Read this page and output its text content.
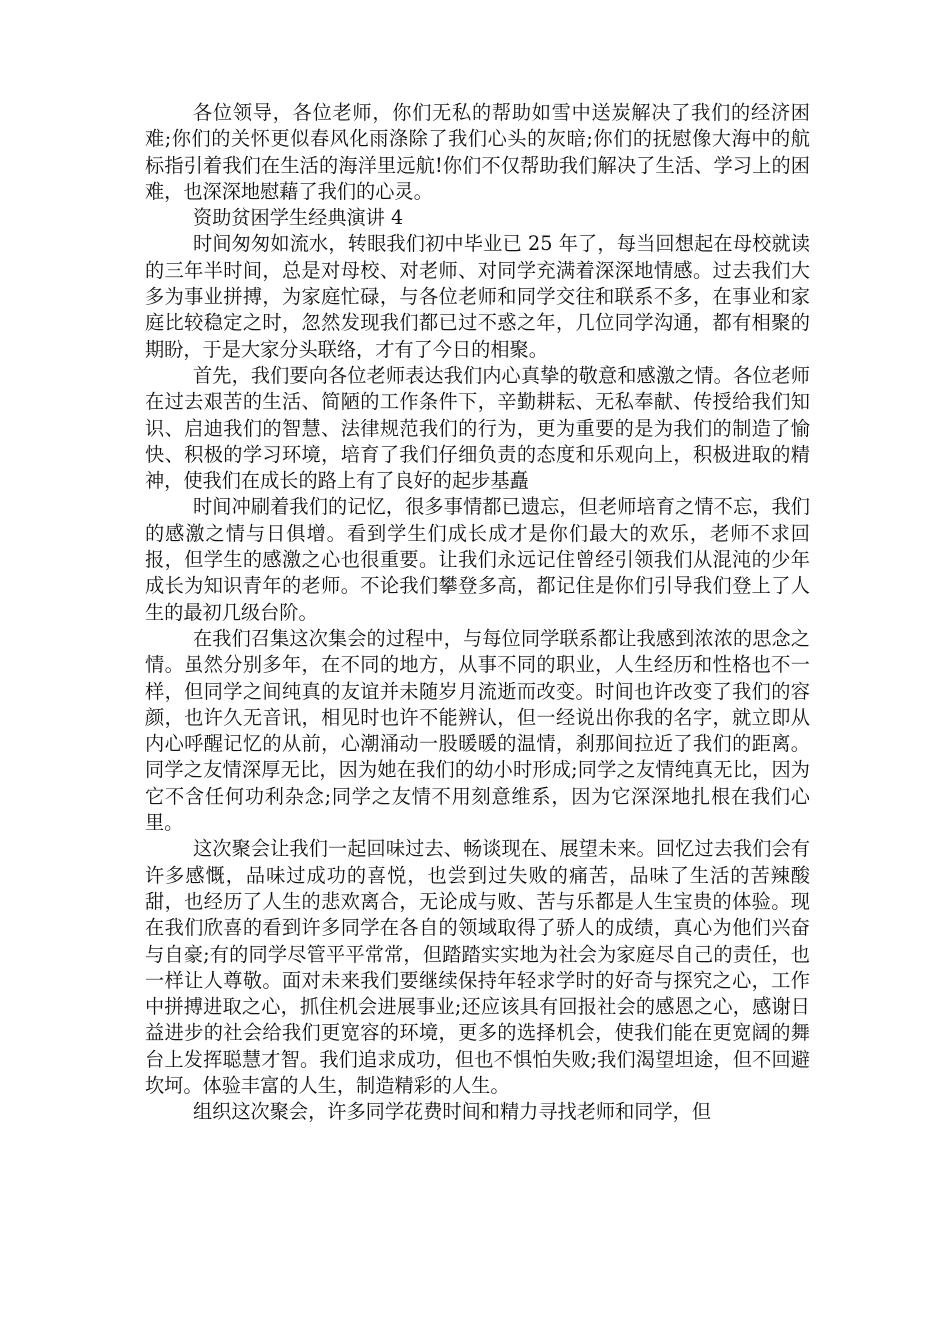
各位领导，各位老师，你们无私的帮助如雪中送炭解决了我们的经济困难;你们的关怀更似春风化雨涤除了我们心头的灰暗;你们的抚慰像大海中的航标指引着我们在生活的海洋里远航!你们不仅帮助我们解决了生活、学习上的困难，也深深地慰藉了我们的心灵。

资助贫困学生经典演讲 4

时间匆匆如流水，转眼我们初中毕业已 25 年了，每当回想起在母校就读的三年半时间，总是对母校、对老师、对同学充满着深深地情感。过去我们大多为事业拼搏，为家庭忙碌，与各位老师和同学交往和联系不多，在事业和家庭比较稳定之时，忽然发现我们都已过不惑之年，几位同学沟通，都有相聚的期盼，于是大家分头联络，才有了今日的相聚。

首先，我们要向各位老师表达我们内心真挚的敬意和感激之情。各位老师在过去艰苦的生活、简陋的工作条件下，辛勤耕耘、无私奉献、传授给我们知识、启迪我们的智慧、法律规范我们的行为，更为重要的是为我们的制造了愉快、积极的学习环境，培育了我们仔细负责的态度和乐观向上，积极进取的精神，使我们在成长的路上有了良好的起步基矗

时间冲刷着我们的记忆，很多事情都已遗忘，但老师培育之情不忘，我们的感激之情与日俱增。看到学生们成长成才是你们最大的欢乐，老师不求回报，但学生的感激之心也很重要。让我们永远记住曾经引领我们从混沌的少年成长为知识青年的老师。不论我们攀登多高，都记住是你们引导我们登上了人生的最初几级台阶。

在我们召集这次集会的过程中，与每位同学联系都让我感到浓浓的思念之情。虽然分别多年，在不同的地方，从事不同的职业，人生经历和性格也不一样，但同学之间纯真的友谊并未随岁月流逝而改变。时间也许改变了我们的容颜，也许久无音讯，相见时也许不能辨认，但一经说出你我的名字，就立即从内心呼醒记忆的从前，心潮涌动一股暖暖的温情，刹那间拉近了我们的距离。同学之友情深厚无比，因为她在我们的幼小时形成;同学之友情纯真无比，因为它不含任何功利杂念;同学之友情不用刻意维系，因为它深深地扎根在我们心里。

这次聚会让我们一起回味过去、畅谈现在、展望未来。回忆过去我们会有许多感慨，品味过成功的喜悦，也尝到过失败的痛苦，品味了生活的苦辣酸甜，也经历了人生的悲欢离合，无论成与败、苦与乐都是人生宝贵的体验。现在我们欣喜的看到许多同学在各自的领域取得了骄人的成绩，真心为他们兴奋与自豪;有的同学尽管平平常常，但踏踏实实地为社会为家庭尽自己的责任，也一样让人尊敬。面对未来我们要继续保持年轻求学时的好奇与探究之心，工作中拼搏进取之心，抓住机会进展事业;还应该具有回报社会的感恩之心，感谢日益进步的社会给我们更宽容的环境，更多的选择机会，使我们能在更宽阔的舞台上发挥聪慧才智。我们追求成功，但也不惧怕失败;我们渴望坦途，但不回避坎坷。体验丰富的人生，制造精彩的人生。

组织这次聚会，许多同学花费时间和精力寻找老师和同学，但
